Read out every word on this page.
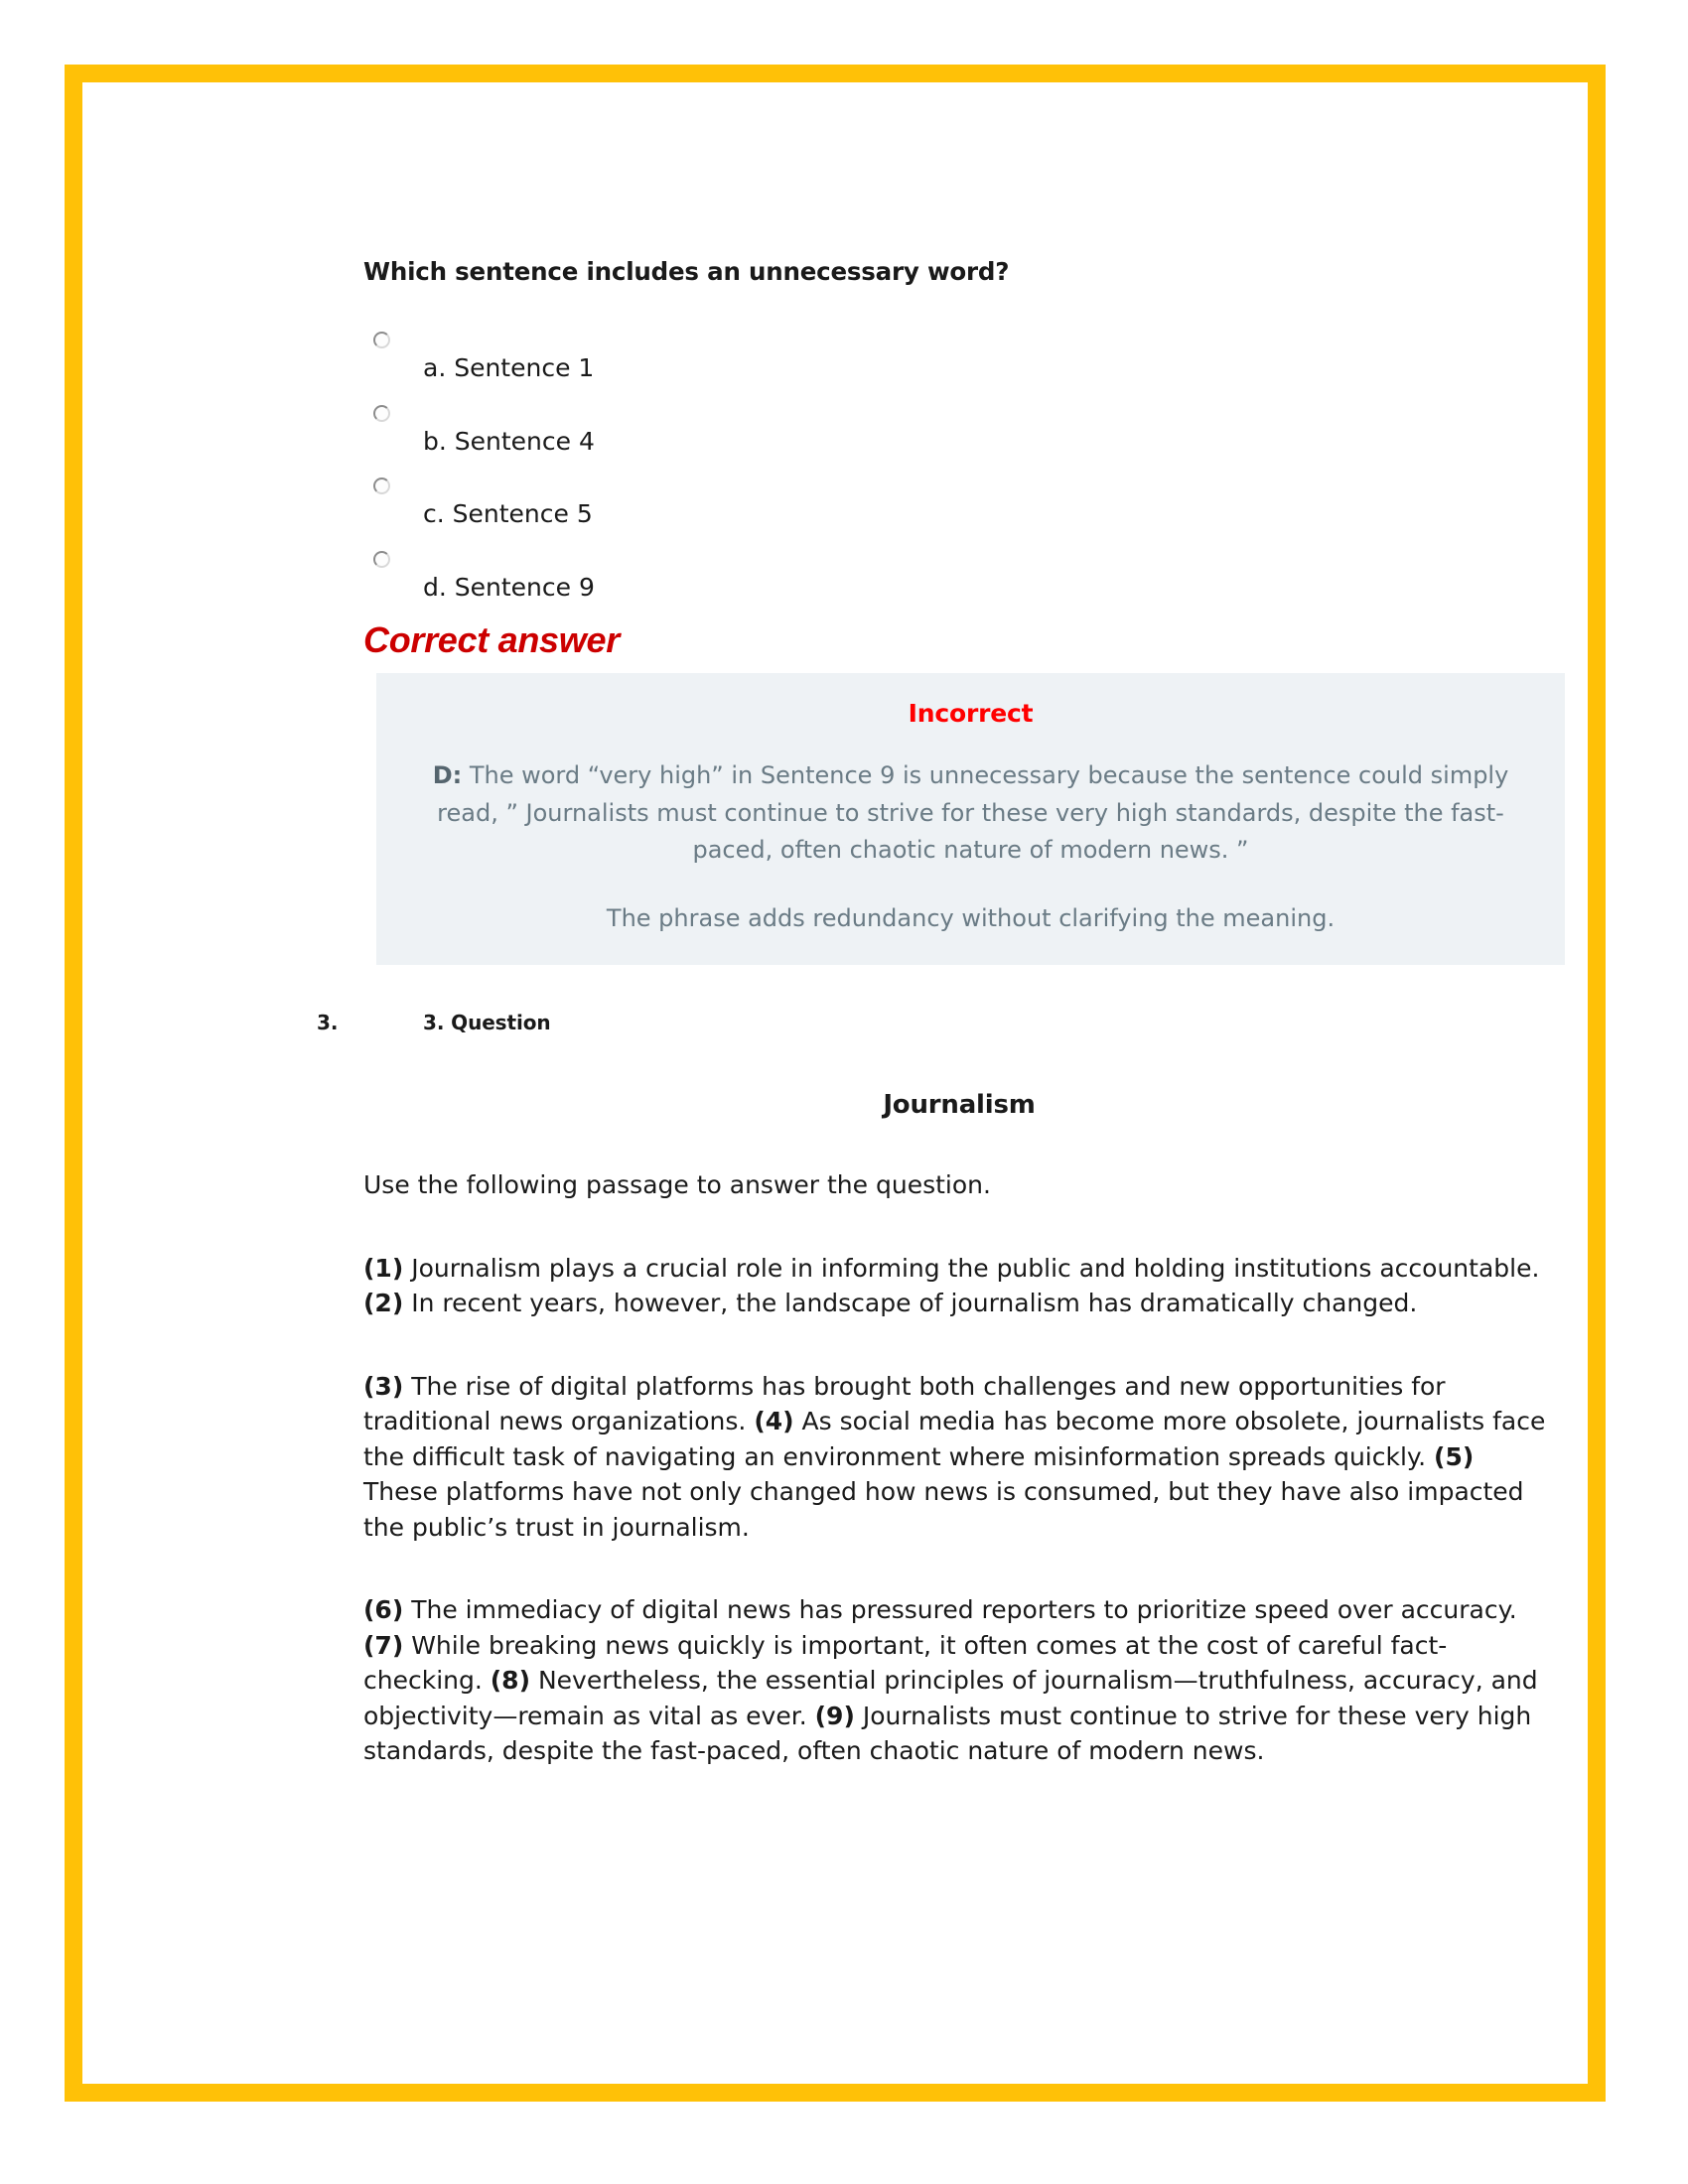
Which sentence includes an unnecessary word?
a. Sentence 1
b. Sentence 4
c. Sentence 5
d. Sentence 9
Correct answer
Incorrect

D: The word “very high” in Sentence 9 is unnecessary because the sentence could simply read, ” Journalists must continue to strive for these very high standards, despite the fast-paced, often chaotic nature of modern news. ”

The phrase adds redundancy without clarifying the meaning.

3.	3. Question
Journalism

Use the following passage to answer the question.

(1) Journalism plays a crucial role in informing the public and holding institutions accountable. (2) In recent years, however, the landscape of journalism has dramatically changed.

(3) The rise of digital platforms has brought both challenges and new opportunities for traditional news organizations. (4) As social media has become more obsolete, journalists face the difficult task of navigating an environment where misinformation spreads quickly. (5) These platforms have not only changed how news is consumed, but they have also impacted the public’s trust in journalism.

(6) The immediacy of digital news has pressured reporters to prioritize speed over accuracy. (7) While breaking news quickly is important, it often comes at the cost of careful fact-checking. (8) Nevertheless, the essential principles of journalism—truthfulness, accuracy, and objectivity—remain as vital as ever. (9) Journalists must continue to strive for these very high standards, despite the fast-paced, often chaotic nature of modern news.
